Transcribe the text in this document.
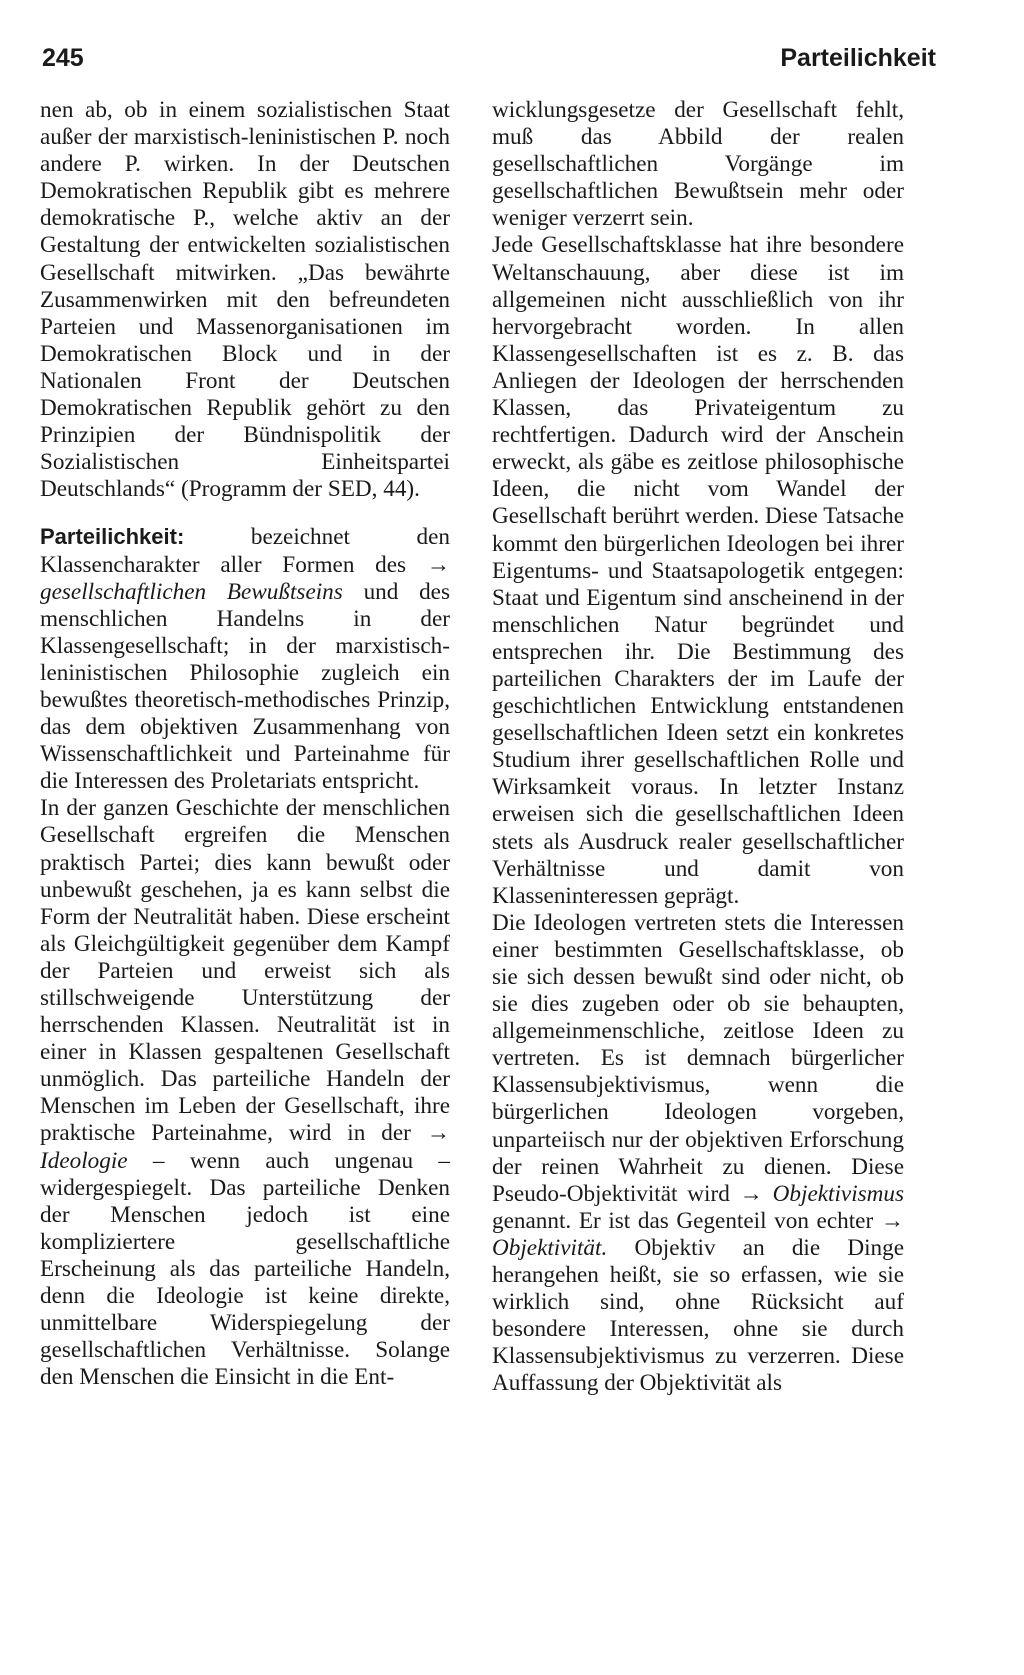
245	Parteilichkeit

nen ab, ob in einem sozialistischen Staat außer der marxistisch-leninistischen P. noch andere P. wirken. In der Deutschen Demokratischen Republik gibt es mehrere demokratische P., welche aktiv an der Gestaltung der entwickelten sozialistischen Gesellschaft mitwirken. „Das bewährte Zusammenwirken mit den befreundeten Parteien und Massenorganisationen im Demokratischen Block und in der Nationalen Front der Deutschen Demokratischen Republik gehört zu den Prinzipien der Bündnispolitik der Sozialistischen Einheitspartei Deutschlands“ (Programm der SED, 44).

Parteilichkeit:	bezeichnet den Klassencharakter aller Formen des → gesellschaftlichen Bewußtseins und des menschlichen Handelns in der Klassengesellschaft; in der marxistisch-leninistischen Philosophie zugleich ein bewußtes theoretisch-methodisches Prinzip, das dem objektiven Zusammenhang von Wissenschaftlichkeit und Parteinahme für die Interessen des Proletariats entspricht.

In der ganzen Geschichte der menschlichen Gesellschaft ergreifen die Menschen praktisch Partei; dies kann bewußt oder unbewußt geschehen, ja es kann selbst die Form der Neutralität haben. Diese erscheint als Gleichgültigkeit gegenüber dem Kampf der Parteien und erweist sich als stillschweigende Unterstützung der herrschenden Klassen. Neutralität ist in einer in Klassen gespaltenen Gesellschaft unmöglich. Das parteiliche Handeln der Menschen im Leben der Gesellschaft, ihre praktische Parteinahme, wird in der → Ideologie – wenn auch ungenau – widergespiegelt. Das parteiliche Denken der Menschen jedoch ist eine kompliziertere gesellschaftliche Erscheinung als das parteiliche Handeln, denn die Ideologie ist keine direkte, unmittelbare Widerspiegelung der gesellschaftlichen Verhältnisse. Solange den Menschen die Einsicht in die Ent-

wicklungsgesetze der Gesellschaft fehlt, muß das Abbild der realen gesellschaftlichen Vorgänge im gesellschaftlichen Bewußtsein mehr oder weniger verzerrt sein.

Jede Gesellschaftsklasse hat ihre besondere Weltanschauung, aber diese ist im allgemeinen nicht ausschließlich von ihr hervorgebracht worden. In allen Klassengesellschaften ist es z. B. das Anliegen der Ideologen der herrschenden Klassen, das Privateigentum zu rechtfertigen. Dadurch wird der Anschein erweckt, als gäbe es zeitlose philosophische Ideen, die nicht vom Wandel der Gesellschaft berührt werden. Diese Tatsache kommt den bürgerlichen Ideologen bei ihrer Eigentums- und Staatsapologetik entgegen: Staat und Eigentum sind anscheinend in der menschlichen Natur begründet und entsprechen ihr. Die Bestimmung des parteilichen Charakters der im Laufe der geschichtlichen Entwicklung entstandenen gesellschaftlichen Ideen setzt ein konkretes Studium ihrer gesellschaftlichen Rolle und Wirksamkeit voraus. In letzter Instanz erweisen sich die gesellschaftlichen Ideen stets als Ausdruck realer gesellschaftlicher Verhältnisse und damit von Klasseninteressen geprägt.

Die Ideologen vertreten stets die Interessen einer bestimmten Gesellschaftsklasse, ob sie sich dessen bewußt sind oder nicht, ob sie dies zugeben oder ob sie behaupten, allgemeinmenschliche, zeitlose Ideen zu vertreten. Es ist demnach bürgerlicher Klassensubjektivismus, wenn die bürgerlichen Ideologen vorgeben, unparteiisch nur der objektiven Erforschung der reinen Wahrheit zu dienen. Diese Pseudo-Objektivität wird → Objektivismus genannt. Er ist das Gegenteil von echter → Objektivität. Objektiv an die Dinge herangehen heißt, sie so erfassen, wie sie wirklich sind, ohne Rücksicht auf besondere Interessen, ohne sie durch Klassensubjektivismus zu verzerren. Diese Auffassung der Objektivität als
